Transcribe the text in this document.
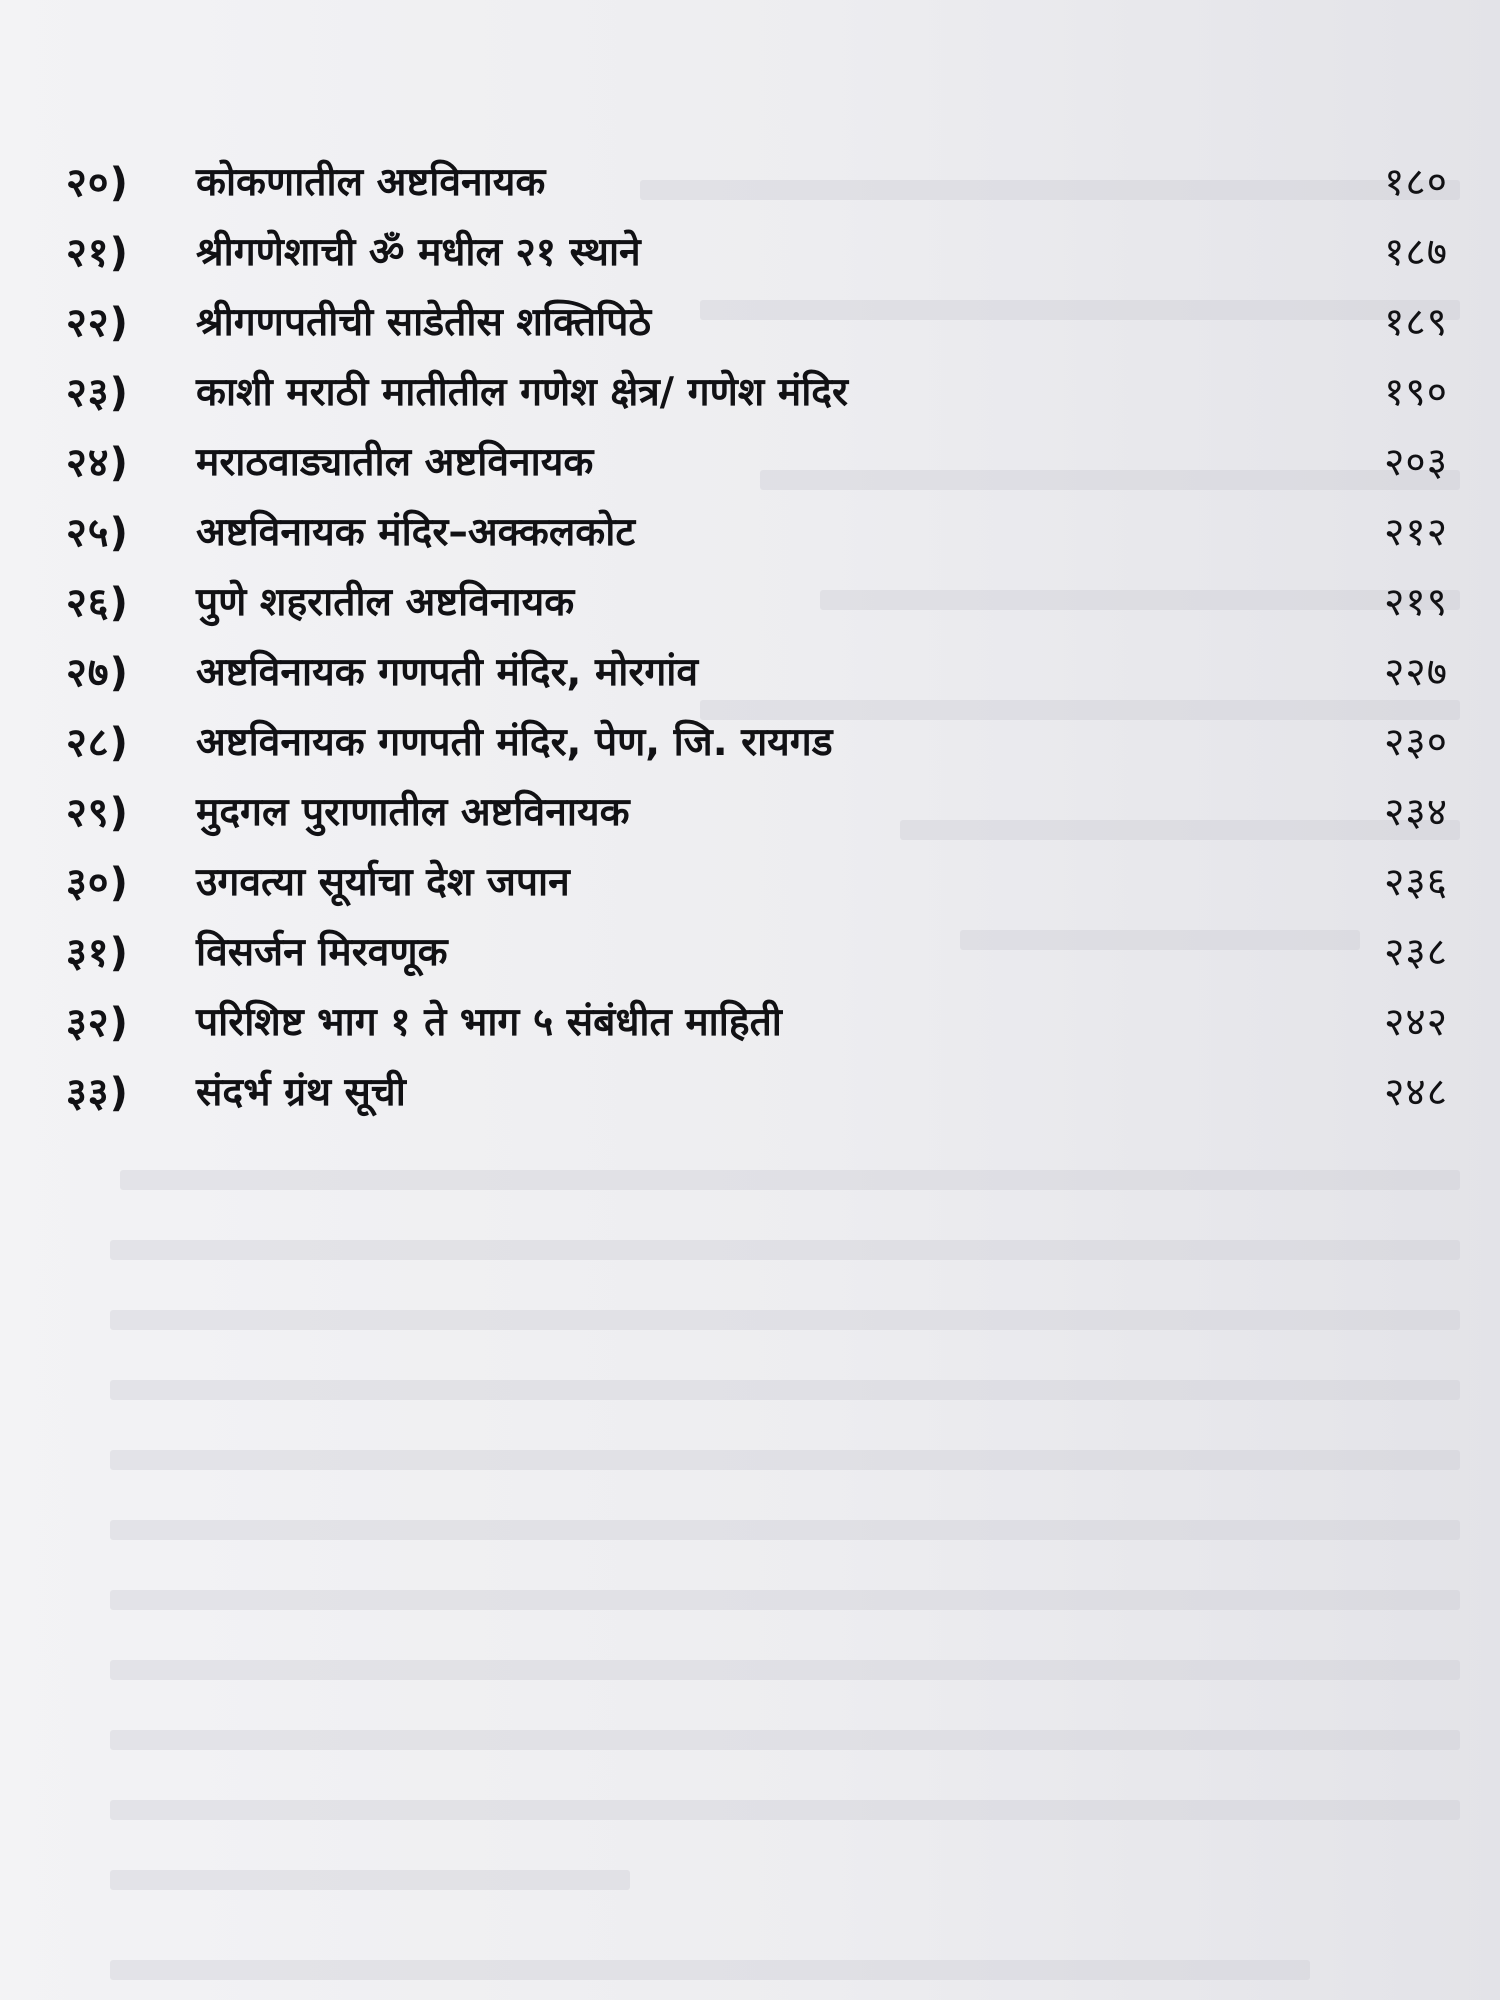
२०) कोकणातील अष्टविनायक	१८०
२१) श्रीगणेशाची ॐ मधील २१ स्थाने	१८७
२२) श्रीगणपतीची साडेतीस शक्तिपिठे	१८९
२३) काशी मराठी मातीतील गणेश क्षेत्र/ गणेश मंदिर	१९०
२४) मराठवाड्यातील अष्टविनायक	२०३
२५) अष्टविनायक मंदिर–अक्कलकोट	२१२
२६) पुणे शहरातील अष्टविनायक	२१९
२७) अष्टविनायक गणपती मंदिर, मोरगांव	२२७
२८) अष्टविनायक गणपती मंदिर, पेण, जि. रायगड	२३०
२९) मुदगल पुराणातील अष्टविनायक	२३४
३०) उगवत्या सूर्याचा देश जपान	२३६
३१) विसर्जन मिरवणूक	२३८
३२) परिशिष्ट भाग १ ते भाग ५ संबंधीत माहिती	२४२
३३) संदर्भ ग्रंथ सूची	२४८
